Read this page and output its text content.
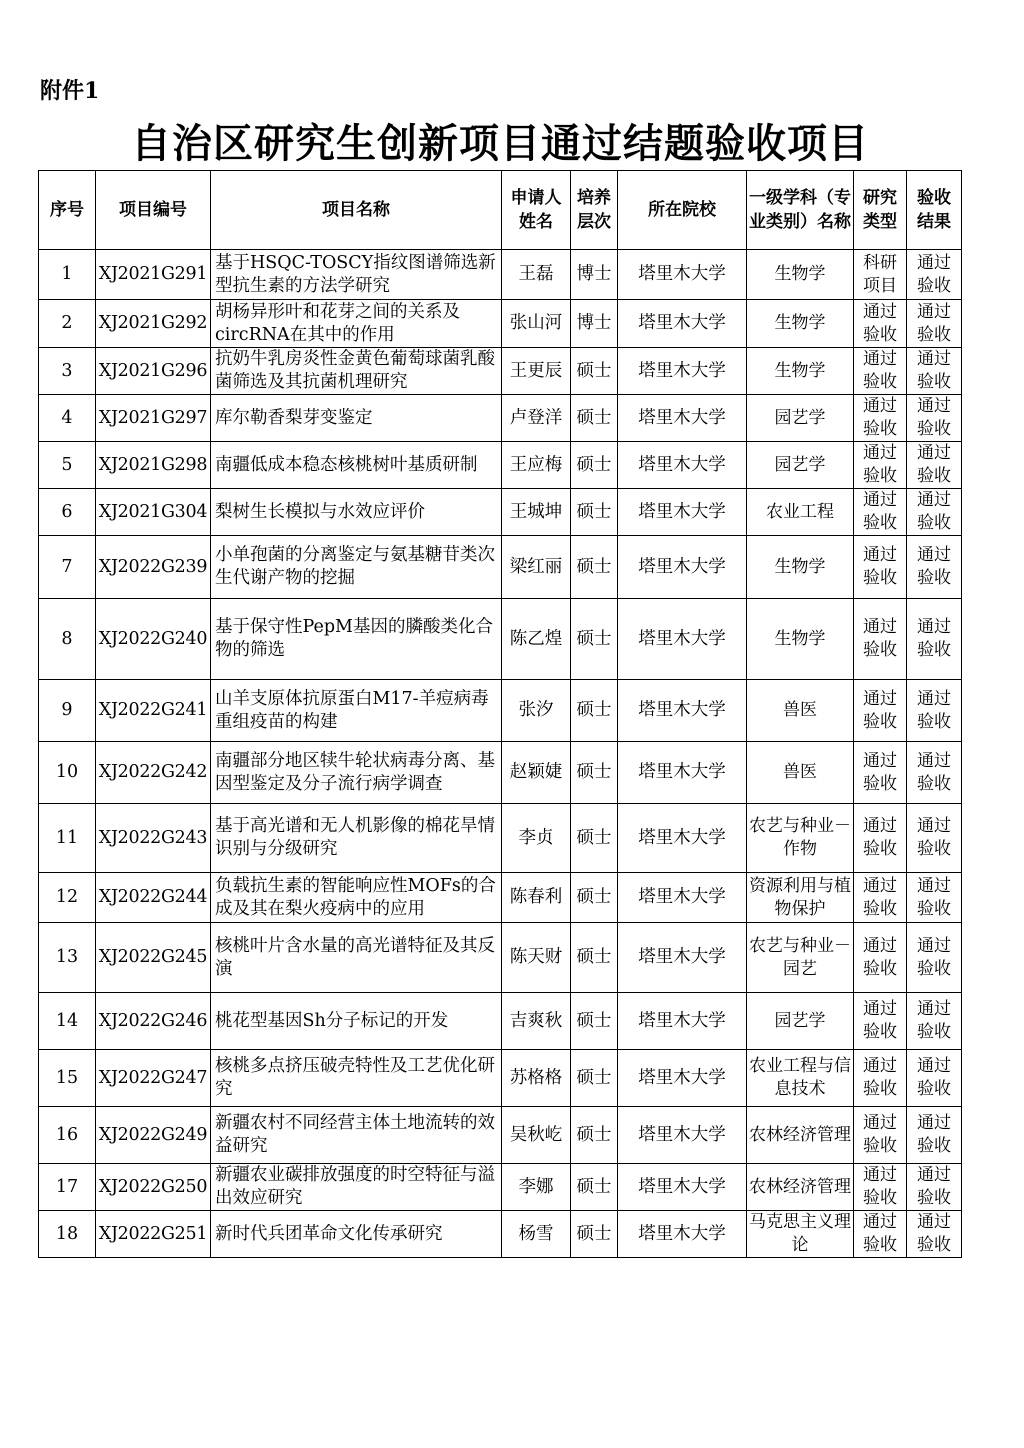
附件1
自治区研究生创新项目通过结题验收项目
序号	项目编号	项目名称	申请人姓名	培养层次	所在院校	一级学科（专业类别）名称	研究类型	验收结果
1	XJ2021G291	基于HSQC-TOSCY指纹图谱筛选新型抗生素的方法学研究	王磊	博士	塔里木大学	生物学	科研项目	通过验收
2	XJ2021G292	胡杨异形叶和花芽之间的关系及circRNA在其中的作用	张山河	博士	塔里木大学	生物学	通过验收	通过验收
3	XJ2021G296	抗奶牛乳房炎性金黄色葡萄球菌乳酸菌筛选及其抗菌机理研究	王更辰	硕士	塔里木大学	生物学	通过验收	通过验收
4	XJ2021G297	库尔勒香梨芽变鉴定	卢登洋	硕士	塔里木大学	园艺学	通过验收	通过验收
5	XJ2021G298	南疆低成本稳态核桃树叶基质研制	王应梅	硕士	塔里木大学	园艺学	通过验收	通过验收
6	XJ2021G304	梨树生长模拟与水效应评价	王城坤	硕士	塔里木大学	农业工程	通过验收	通过验收
7	XJ2022G239	小单孢菌的分离鉴定与氨基糖苷类次生代谢产物的挖掘	梁红丽	硕士	塔里木大学	生物学	通过验收	通过验收
8	XJ2022G240	基于保守性PepM基因的膦酸类化合物的筛选	陈乙煌	硕士	塔里木大学	生物学	通过验收	通过验收
9	XJ2022G241	山羊支原体抗原蛋白M17-羊痘病毒重组疫苗的构建	张汐	硕士	塔里木大学	兽医	通过验收	通过验收
10	XJ2022G242	南疆部分地区犊牛轮状病毒分离、基因型鉴定及分子流行病学调查	赵颖婕	硕士	塔里木大学	兽医	通过验收	通过验收
11	XJ2022G243	基于高光谱和无人机影像的棉花旱情识别与分级研究	李贞	硕士	塔里木大学	农艺与种业－作物	通过验收	通过验收
12	XJ2022G244	负载抗生素的智能响应性MOFs的合成及其在梨火疫病中的应用	陈春利	硕士	塔里木大学	资源利用与植物保护	通过验收	通过验收
13	XJ2022G245	核桃叶片含水量的高光谱特征及其反演	陈天财	硕士	塔里木大学	农艺与种业－园艺	通过验收	通过验收
14	XJ2022G246	桃花型基因Sh分子标记的开发	吉爽秋	硕士	塔里木大学	园艺学	通过验收	通过验收
15	XJ2022G247	核桃多点挤压破壳特性及工艺优化研究	苏格格	硕士	塔里木大学	农业工程与信息技术	通过验收	通过验收
16	XJ2022G249	新疆农村不同经营主体土地流转的效益研究	吴秋屹	硕士	塔里木大学	农林经济管理	通过验收	通过验收
17	XJ2022G250	新疆农业碳排放强度的时空特征与溢出效应研究	李娜	硕士	塔里木大学	农林经济管理	通过验收	通过验收
18	XJ2022G251	新时代兵团革命文化传承研究	杨雪	硕士	塔里木大学	马克思主义理论	通过验收	通过验收
